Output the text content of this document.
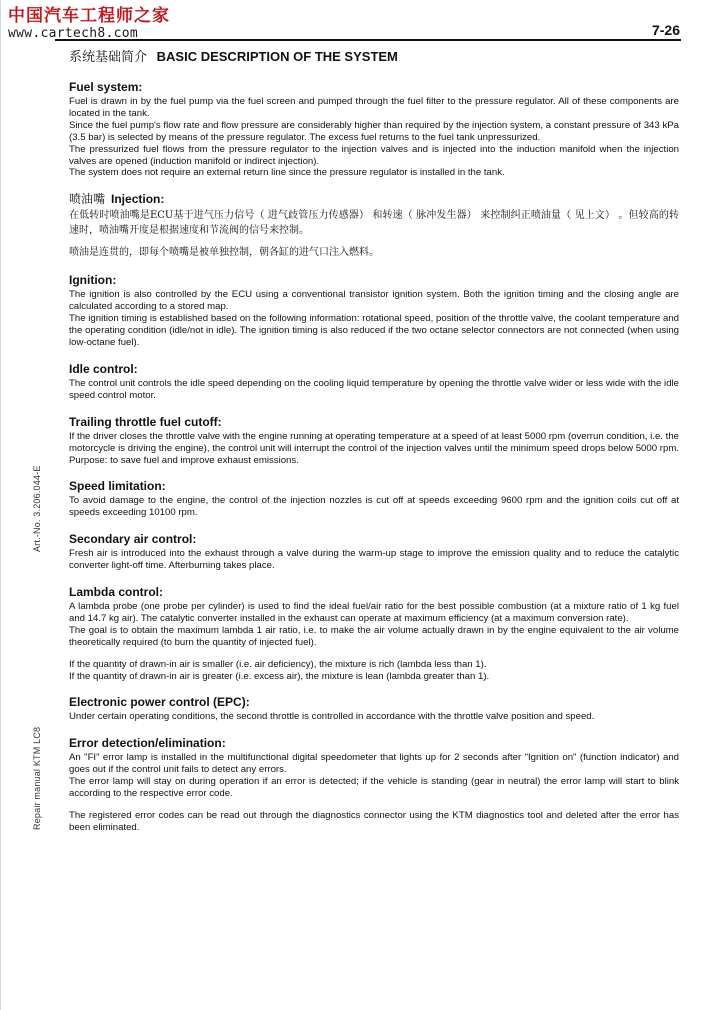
中国汽车工程师之家
www.cartech8.com	7-26
系统基础简介 BASIC DESCRIPTION OF THE SYSTEM
Art.-No. 3.206.044-E
Repair manual KTM LC8
Fuel system:

Fuel is drawn in by the fuel pump via the fuel screen and pumped through the fuel filter to the pressure regulator. All of these components are located in the tank.

Since the fuel pump's flow rate and flow pressure are considerably higher than required by the injection system, a constant pressure of 343 kPa (3.5 bar) is selected by means of the pressure regulator. The excess fuel returns to the fuel tank unpressurized.

The pressurized fuel flows from the pressure regulator to the injection valves and is injected into the induction manifold when the injection valves are opened (induction manifold or indirect injection).

The system does not require an external return line since the pressure regulator is installed in the tank.

喷油嘴 Injection:

在低转时喷油嘴是ECU基于进气压力信号（ 进气歧管压力传感器） 和转速（ 脉冲发生器） 来控制纠正喷油量（ 见上文） 。但较高的转速时，喷油嘴开度是根据速度和节流阀的信号来控制。

喷油是连贯的，即每个喷嘴是被单独控制，朝各缸的进气口注入燃料。

Ignition:

The ignition is also controlled by the ECU using a conventional transistor ignition system. Both the ignition timing and the closing angle are calculated according to a stored map.

The ignition timing is established based on the following information: rotational speed, position of the throttle valve, the coolant temperature and the operating condition (idle/not in idle). The ignition timing is also reduced if the two octane selector connectors are not connected (when using low-octane fuel).

Idle control:

The control unit controls the idle speed depending on the cooling liquid temperature by opening the throttle valve wider or less wide with the idle speed control motor.

Trailing throttle fuel cutoff:

If the driver closes the throttle valve with the engine running at operating temperature at a speed of at least 5000 rpm (overrun condition, i.e. the motorcycle is driving the engine), the control unit will interrupt the control of the injection valves until the minimum speed drops below 5000 rpm. Purpose: to save fuel and improve exhaust emissions.

Speed limitation:

To avoid damage to the engine, the control of the injection nozzles is cut off at speeds exceeding 9600 rpm and the ignition coils cut off at speeds exceeding 10100 rpm.

Secondary air control:

Fresh air is introduced into the exhaust through a valve during the warm-up stage to improve the emission quality and to reduce the catalytic converter light-off time. Afterburning takes place.

Lambda control:

A lambda probe (one probe per cylinder) is used to find the ideal fuel/air ratio for the best possible combustion (at a mixture ratio of 1 kg fuel and 14.7 kg air). The catalytic converter installed in the exhaust can operate at maximum efficiency (at a maximum conversion rate).

The goal is to obtain the maximum lambda 1 air ratio, i.e. to make the air volume actually drawn in by the engine equivalent to the air volume theoretically required (to burn the quantity of injected fuel).

If the quantity of drawn-in air is smaller (i.e. air deficiency), the mixture is rich (lambda less than 1).

If the quantity of drawn-in air is greater (i.e. excess air), the mixture is lean (lambda greater than 1).

Electronic power control (EPC):

Under certain operating conditions, the second throttle is controlled in accordance with the throttle valve position and speed.

Error detection/elimination:

An "FI" error lamp is installed in the multifunctional digital speedometer that lights up for 2 seconds after "Ignition on" (function indicator) and goes out if the control unit fails to detect any errors.

The error lamp will stay on during operation if an error is detected; if the vehicle is standing (gear in neutral) the error lamp will start to blink according to the respective error code.

The registered error codes can be read out through the diagnostics connector using the KTM diagnostics tool and deleted after the error has been eliminated.
